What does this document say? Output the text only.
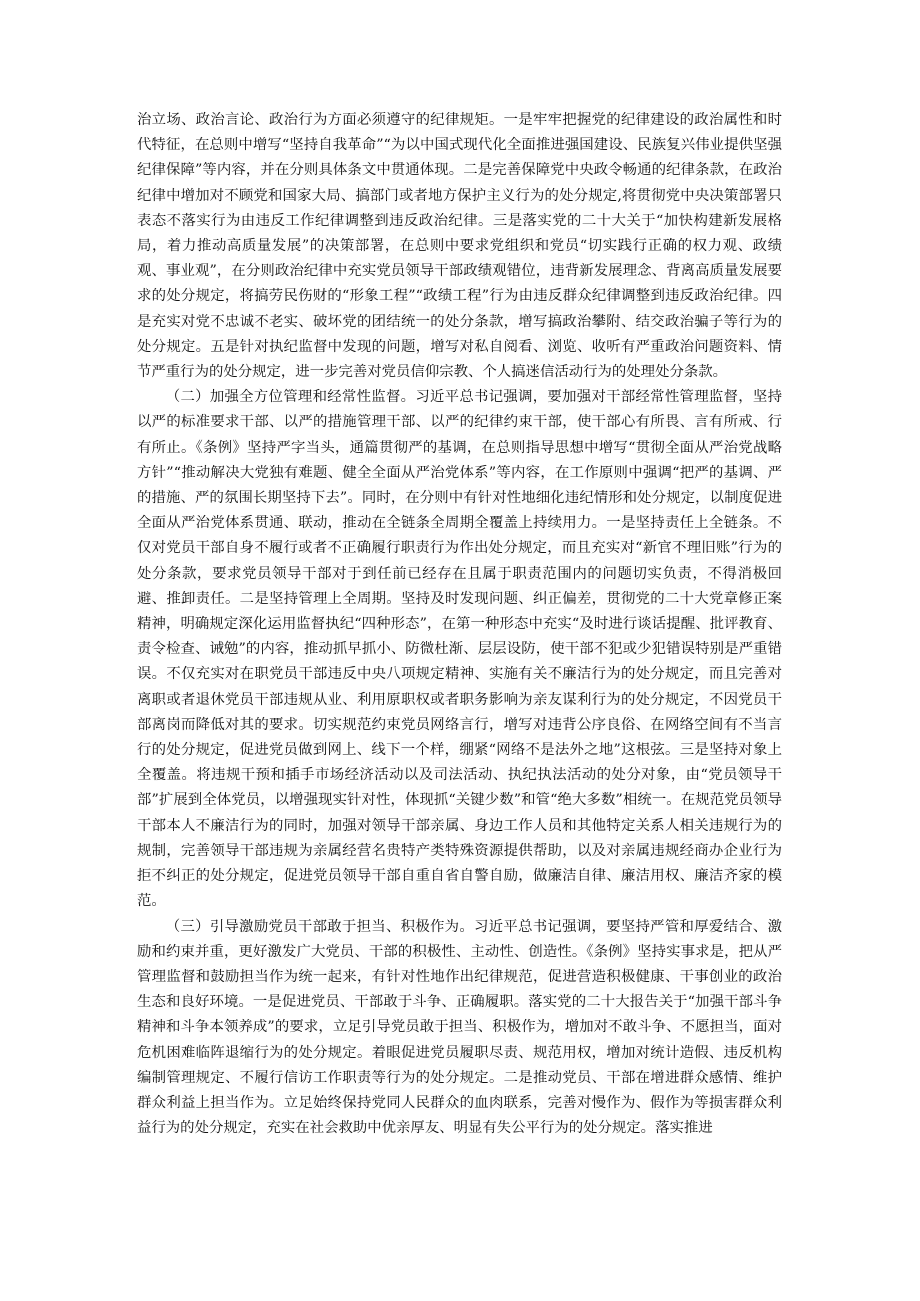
治立场、政治言论、政治行为方面必须遵守的纪律规矩。一是牢牢把握党的纪律建设的政治属性和时代特征，在总则中增写“坚持自我革命”“为以中国式现代化全面推进强国建设、民族复兴伟业提供坚强纪律保障”等内容，并在分则具体条文中贯通体现。二是完善保障党中央政令畅通的纪律条款，在政治纪律中增加对不顾党和国家大局、搞部门或者地方保护主义行为的处分规定,将贯彻党中央决策部署只表态不落实行为由违反工作纪律调整到违反政治纪律。三是落实党的二十大关于“加快构建新发展格局，着力推动高质量发展”的决策部署，在总则中要求党组织和党员“切实践行正确的权力观、政绩观、事业观”，在分则政治纪律中充实党员领导干部政绩观错位，违背新发展理念、背离高质量发展要求的处分规定，将搞劳民伤财的“形象工程”“政绩工程”行为由违反群众纪律调整到违反政治纪律。四是充实对党不忠诚不老实、破坏党的团结统一的处分条款，增写搞政治攀附、结交政治骗子等行为的处分规定。五是针对执纪监督中发现的问题，增写对私自阅看、浏览、收听有严重政治问题资料、情节严重行为的处分规定，进一步完善对党员信仰宗教、个人搞迷信活动行为的处理处分条款。

（二）加强全方位管理和经常性监督。习近平总书记强调，要加强对干部经常性管理监督，坚持以严的标准要求干部、以严的措施管理干部、以严的纪律约束干部，使干部心有所畏、言有所戒、行有所止。《条例》坚持严字当头，通篇贯彻严的基调，在总则指导思想中增写“贯彻全面从严治党战略方针”“推动解决大党独有难题、健全全面从严治党体系”等内容，在工作原则中强调“把严的基调、严的措施、严的氛围长期坚持下去”。同时，在分则中有针对性地细化违纪情形和处分规定，以制度促进全面从严治党体系贯通、联动，推动在全链条全周期全覆盖上持续用力。一是坚持责任上全链条。不仅对党员干部自身不履行或者不正确履行职责行为作出处分规定，而且充实对“新官不理旧账”行为的处分条款，要求党员领导干部对于到任前已经存在且属于职责范围内的问题切实负责，不得消极回避、推卸责任。二是坚持管理上全周期。坚持及时发现问题、纠正偏差，贯彻党的二十大党章修正案精神，明确规定深化运用监督执纪“四种形态”，在第一种形态中充实“及时进行谈话提醒、批评教育、责令检查、诫勉”的内容，推动抓早抓小、防微杜渐、层层设防，使干部不犯或少犯错误特别是严重错误。不仅充实对在职党员干部违反中央八项规定精神、实施有关不廉洁行为的处分规定，而且完善对离职或者退休党员干部违规从业、利用原职权或者职务影响为亲友谋利行为的处分规定，不因党员干部离岗而降低对其的要求。切实规范约束党员网络言行，增写对违背公序良俗、在网络空间有不当言行的处分规定，促进党员做到网上、线下一个样，绷紧“网络不是法外之地”这根弦。三是坚持对象上全覆盖。将违规干预和插手市场经济活动以及司法活动、执纪执法活动的处分对象，由“党员领导干部”扩展到全体党员，以增强现实针对性，体现抓“关键少数”和管“绝大多数”相统一。在规范党员领导干部本人不廉洁行为的同时，加强对领导干部亲属、身边工作人员和其他特定关系人相关违规行为的规制，完善领导干部违规为亲属经营名贵特产类特殊资源提供帮助，以及对亲属违规经商办企业行为拒不纠正的处分规定，促进党员领导干部自重自省自警自励，做廉洁自律、廉洁用权、廉洁齐家的模范。

（三）引导激励党员干部敢于担当、积极作为。习近平总书记强调，要坚持严管和厚爱结合、激励和约束并重，更好激发广大党员、干部的积极性、主动性、创造性。《条例》坚持实事求是，把从严管理监督和鼓励担当作为统一起来，有针对性地作出纪律规范，促进营造积极健康、干事创业的政治生态和良好环境。一是促进党员、干部敢于斗争、正确履职。落实党的二十大报告关于“加强干部斗争精神和斗争本领养成”的要求，立足引导党员敢于担当、积极作为，增加对不敢斗争、不愿担当，面对危机困难临阵退缩行为的处分规定。着眼促进党员履职尽责、规范用权，增加对统计造假、违反机构编制管理规定、不履行信访工作职责等行为的处分规定。二是推动党员、干部在增进群众感情、维护群众利益上担当作为。立足始终保持党同人民群众的血肉联系，完善对慢作为、假作为等损害群众利益行为的处分规定，充实在社会救助中优亲厚友、明显有失公平行为的处分规定。落实推进
